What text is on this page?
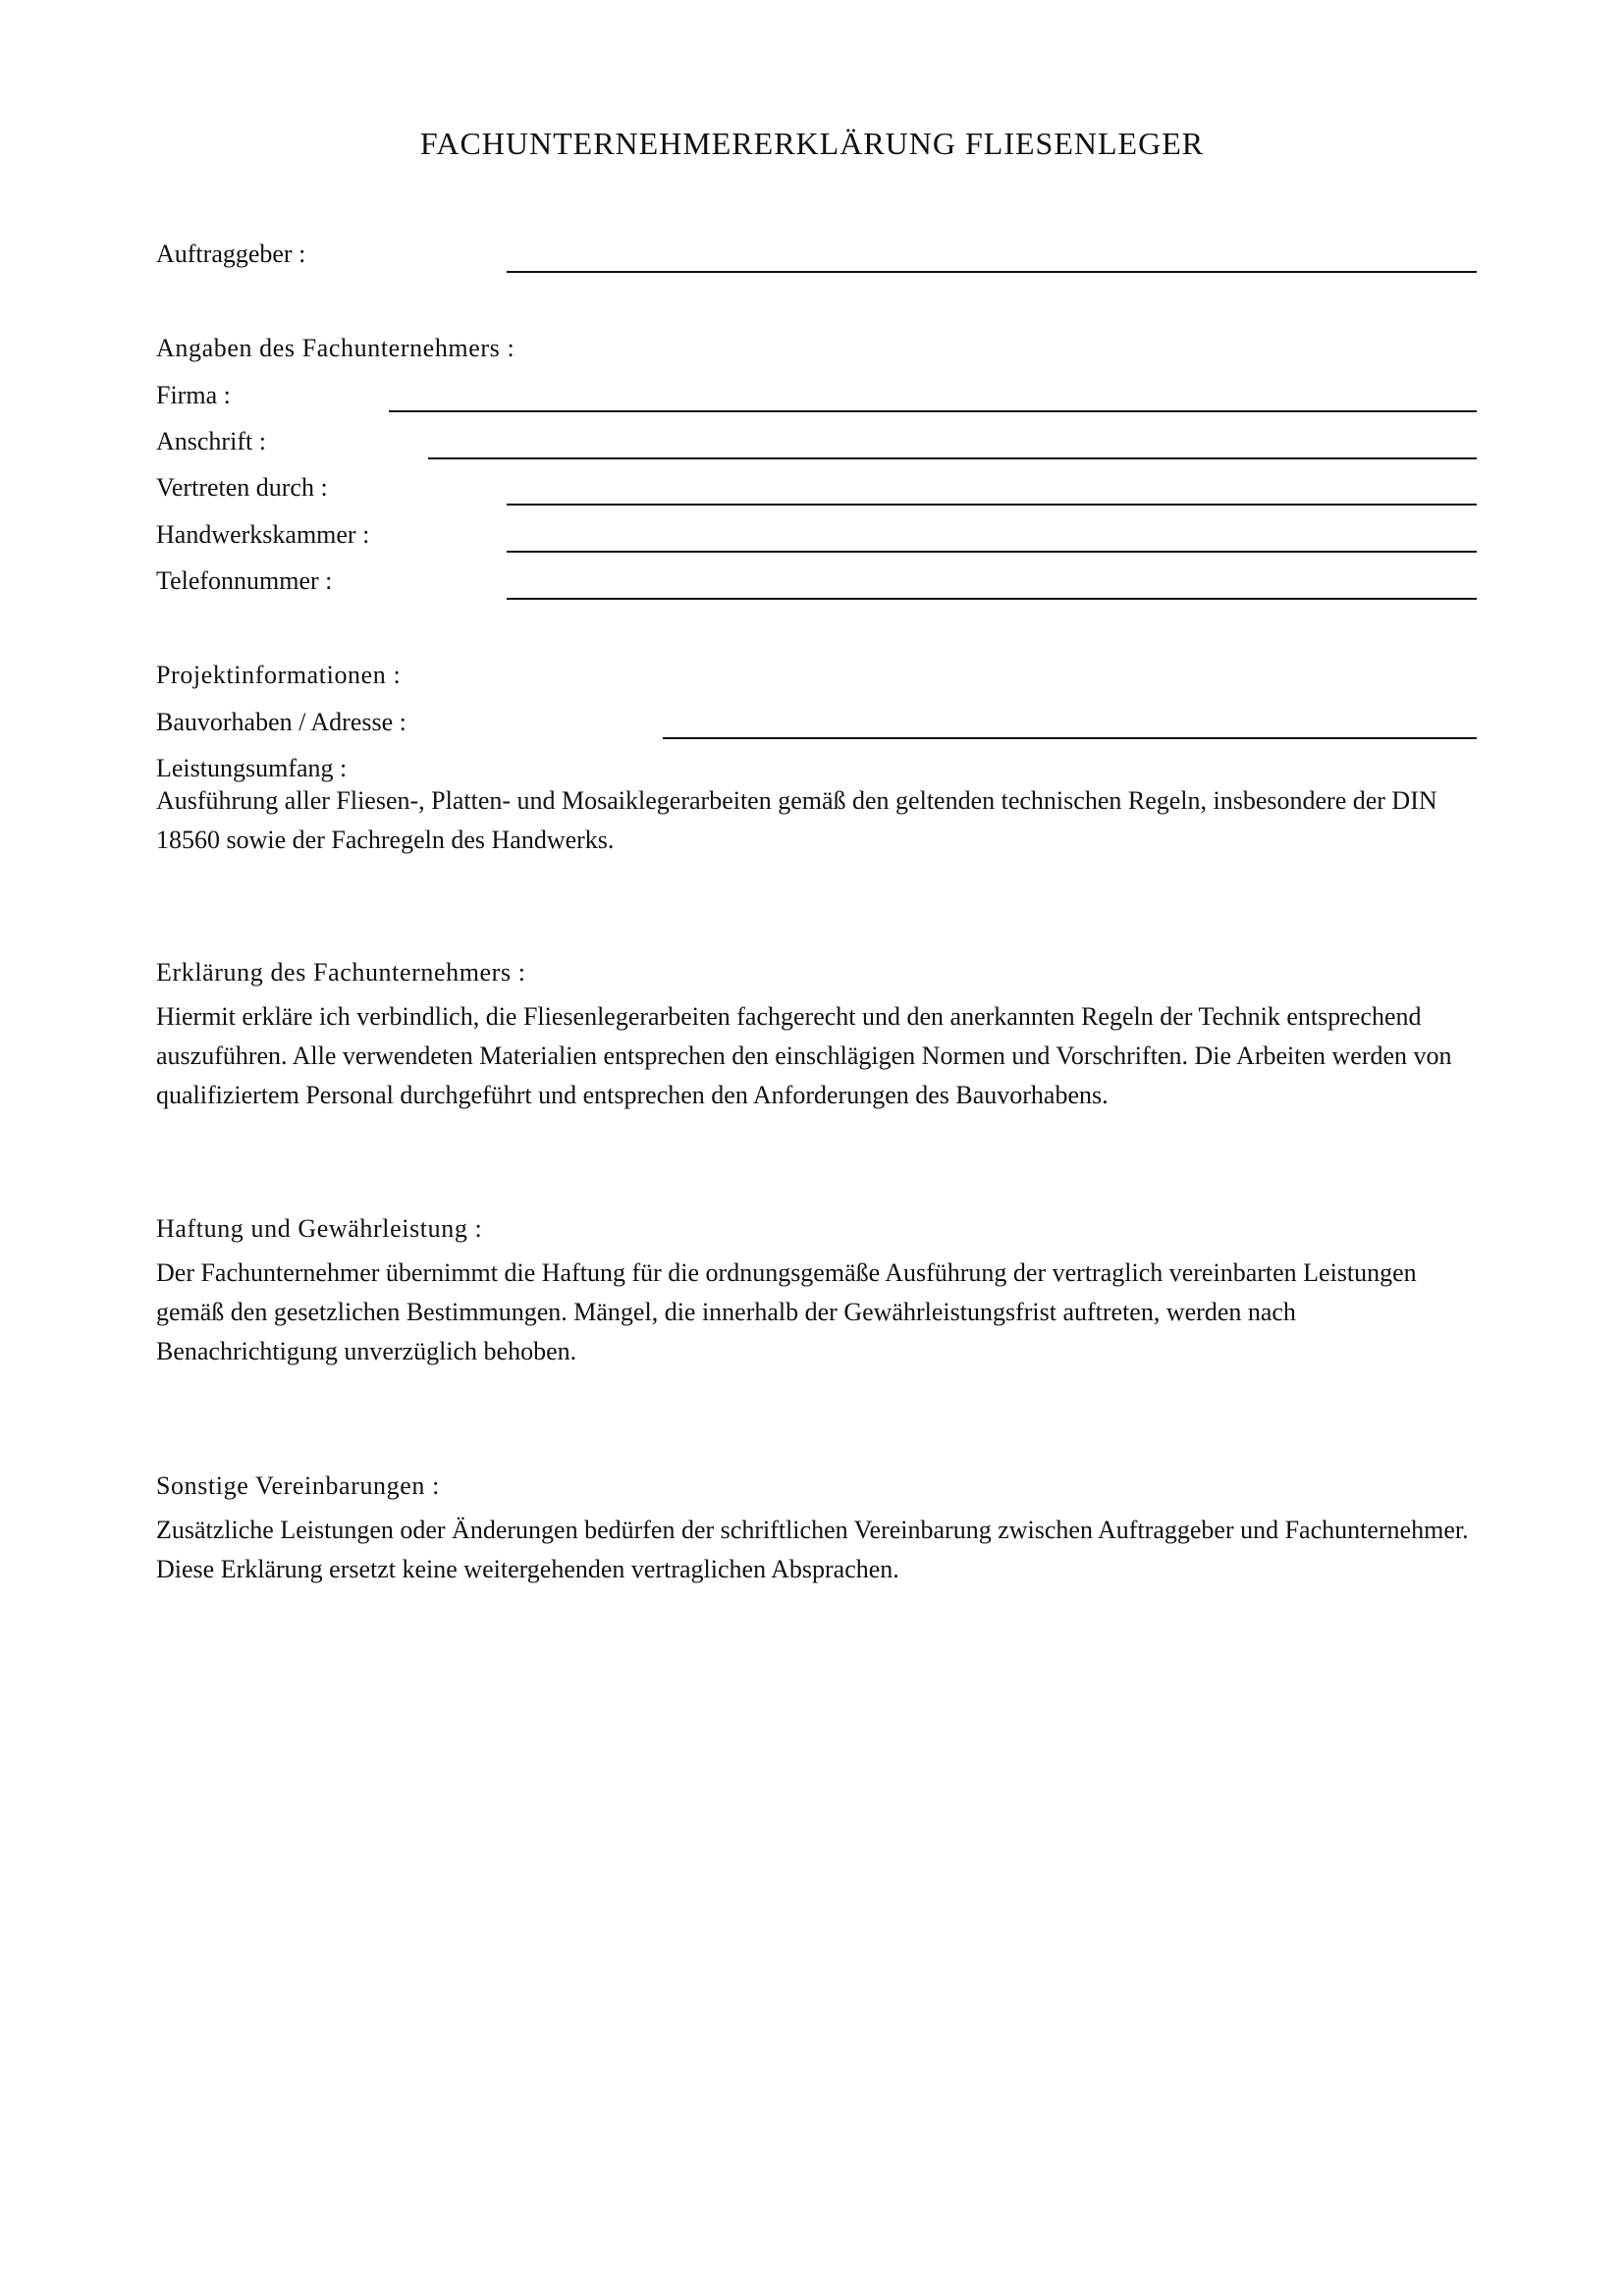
FACHUNTERNEHMERERKLÄRUNG FLIESENLEGER
Auftraggeber :
Angaben des Fachunternehmers :
Firma :
Anschrift :
Vertreten durch :
Handwerkskammer :
Telefonnummer :
Projektinformationen :
Bauvorhaben / Adresse :
Leistungsumfang :

Ausführung aller Fliesen-, Platten- und Mosaiklegerarbeiten gemäß den geltenden technischen Regeln, insbesondere der DIN 18560 sowie der Fachregeln des Handwerks.

Erklärung des Fachunternehmers :

Hiermit erkläre ich verbindlich, die Fliesenlegerarbeiten fachgerecht und den anerkannten Regeln der Technik entsprechend auszuführen. Alle verwendeten Materialien entsprechen den einschlägigen Normen und Vorschriften. Die Arbeiten werden von qualifiziertem Personal durchgeführt und entsprechen den Anforderungen des Bauvorhabens.

Haftung und Gewährleistung :

Der Fachunternehmer übernimmt die Haftung für die ordnungsgemäße Ausführung der vertraglich vereinbarten Leistungen gemäß den gesetzlichen Bestimmungen. Mängel, die innerhalb der Gewährleistungsfrist auftreten, werden nach Benachrichtigung unverzüglich behoben.

Sonstige Vereinbarungen :

Zusätzliche Leistungen oder Änderungen bedürfen der schriftlichen Vereinbarung zwischen Auftraggeber und Fachunternehmer. Diese Erklärung ersetzt keine weitergehenden vertraglichen Absprachen.
